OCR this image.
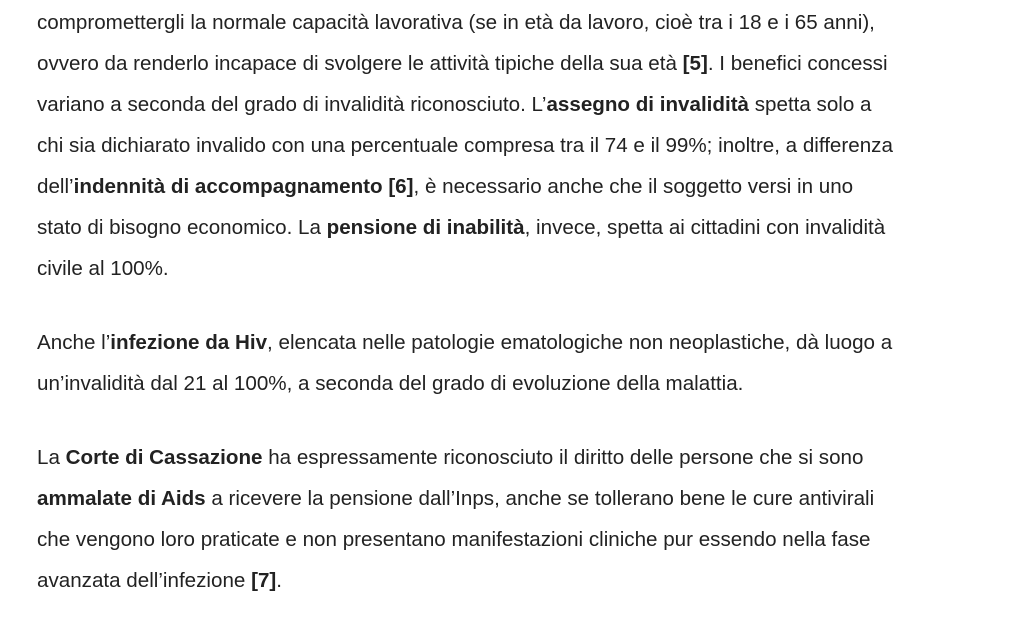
compromettergli la normale capacità lavorativa (se in età da lavoro, cioè tra i 18 e i 65 anni),
ovvero da renderlo incapace di svolgere le attività tipiche della sua età [5]. I benefici concessi
variano a seconda del grado di invalidità riconosciuto. L’assegno di invalidità spetta solo a
chi sia dichiarato invalido con una percentuale compresa tra il 74 e il 99%; inoltre, a differenza
dell’indennità di accompagnamento [6], è necessario anche che il soggetto versi in uno
stato di bisogno economico. La pensione di inabilità, invece, spetta ai cittadini con invalidità
civile al 100%.

Anche l’infezione da Hiv, elencata nelle patologie ematologiche non neoplastiche, dà luogo a
un’invalidità dal 21 al 100%, a seconda del grado di evoluzione della malattia.

La Corte di Cassazione ha espressamente riconosciuto il diritto delle persone che si sono
ammalate di Aids a ricevere la pensione dall’Inps, anche se tollerano bene le cure antivirali
che vengono loro praticate e non presentano manifestazioni cliniche pur essendo nella fase
avanzata dell’infezione [7].
